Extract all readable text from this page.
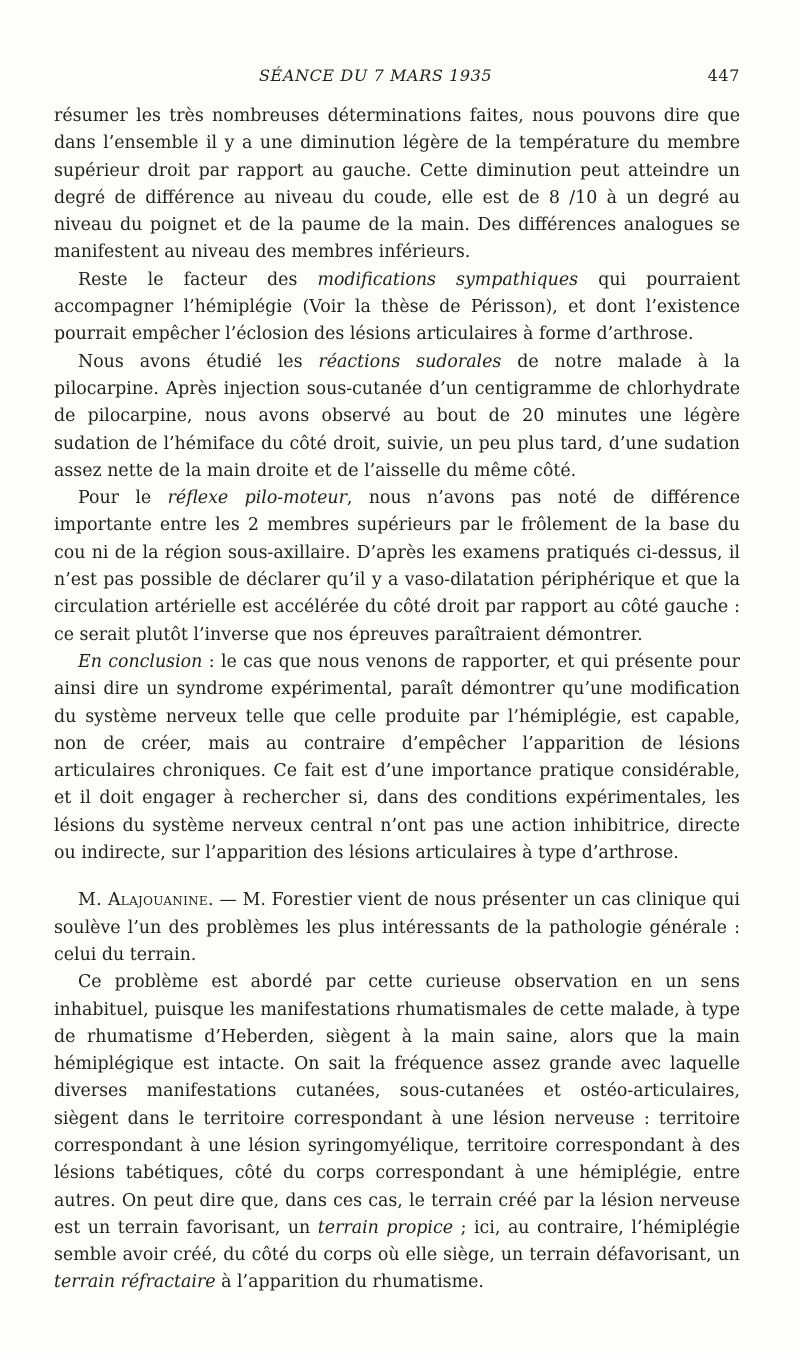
SÉANCE DU 7 MARS 1935	447

résumer les très nombreuses déterminations faites, nous pouvons dire que dans l’ensemble il y a une diminution légère de la température du membre supérieur droit par rapport au gauche. Cette diminution peut atteindre un degré de différence au niveau du coude, elle est de 8 /10 à un degré au niveau du poignet et de la paume de la main. Des différences analogues se manifestent au niveau des membres inférieurs.

Reste le facteur des modifications sympathiques qui pourraient accompagner l’hémiplégie (Voir la thèse de Périsson), et dont l’existence pourrait empêcher l’éclosion des lésions articulaires à forme d’arthrose.

Nous avons étudié les réactions sudorales de notre malade à la pilocarpine. Après injection sous-cutanée d’un centigramme de chlorhydrate de pilocarpine, nous avons observé au bout de 20 minutes une légère sudation de l’hémiface du côté droit, suivie, un peu plus tard, d’une sudation assez nette de la main droite et de l’aisselle du même côté.

Pour le réflexe pilo-moteur, nous n’avons pas noté de différence importante entre les 2 membres supérieurs par le frôlement de la base du cou ni de la région sous-axillaire. D’après les examens pratiqués ci-dessus, il n’est pas possible de déclarer qu’il y a vaso-dilatation périphérique et que la circulation artérielle est accélérée du côté droit par rapport au côté gauche : ce serait plutôt l’inverse que nos épreuves paraîtraient démontrer.

En conclusion : le cas que nous venons de rapporter, et qui présente pour ainsi dire un syndrome expérimental, paraît démontrer qu’une modification du système nerveux telle que celle produite par l’hémiplégie, est capable, non de créer, mais au contraire d’empêcher l’apparition de lésions articulaires chroniques. Ce fait est d’une importance pratique considérable, et il doit engager à rechercher si, dans des conditions expérimentales, les lésions du système nerveux central n’ont pas une action inhibitrice, directe ou indirecte, sur l’apparition des lésions articulaires à type d’arthrose.

M. Alajouanine. — M. Forestier vient de nous présenter un cas clinique qui soulève l’un des problèmes les plus intéressants de la pathologie générale : celui du terrain.

Ce problème est abordé par cette curieuse observation en un sens inhabituel, puisque les manifestations rhumatismales de cette malade, à type de rhumatisme d’Heberden, siègent à la main saine, alors que la main hémiplégique est intacte. On sait la fréquence assez grande avec laquelle diverses manifestations cutanées, sous-cutanées et ostéo-articulaires, siègent dans le territoire correspondant à une lésion nerveuse : territoire correspondant à une lésion syringomyélique, territoire correspondant à des lésions tabétiques, côté du corps correspondant à une hémiplégie, entre autres. On peut dire que, dans ces cas, le terrain créé par la lésion nerveuse est un terrain favorisant, un terrain propice ; ici, au contraire, l’hémiplégie semble avoir créé, du côté du corps où elle siège, un terrain défavorisant, un terrain réfractaire à l’apparition du rhumatisme.
